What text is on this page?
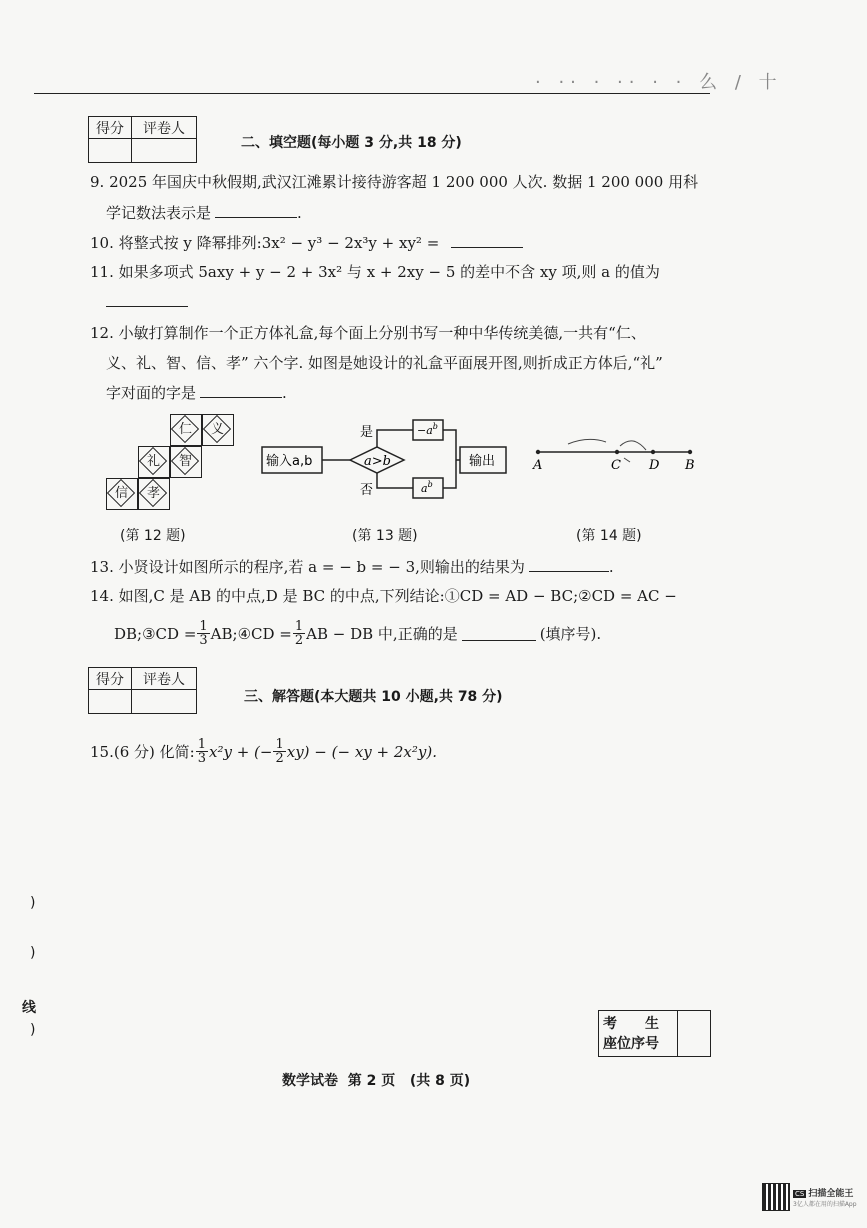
· ·· · ·· · · 么 / 十
得分	评卷人

二、填空题(每小题 3 分,共 18 分)
9. 2025 年国庆中秋假期,武汉江滩累计接待游客超 1 200 000 人次. 数据 1 200 000 用科
学记数法表示是	.
10. 将整式按 y 降幂排列:3x² − y³ − 2x³y + xy² =
11. 如果多项式 5axy + y − 2 + 3x² 与 x + 2xy − 5 的差中不含 xy 项,则 a 的值为
12. 小敏打算制作一个正方体礼盒,每个面上分别书写一种中华传统美德,一共有“仁、
义、礼、智、信、孝” 六个字. 如图是她设计的礼盒平面展开图,则折成正方体后,“礼”
字对面的字是	.
仁	义
礼	智
信	孝
输入a,b	a>b
是
否
$-a^b$
$a^b$
输出	A	C D B
(第 12 题)	(第 13 题)	(第 14 题)
13. 小贤设计如图所示的程序,若 a = − b = − 3,则输出的结果为	.
14. 如图,C 是 AB 的中点,D 是 BC 的中点,下列结论:①CD = AD − BC;②CD = AC −
DB;③CD = $\frac{1}{3}$ AB;④CD = $\frac{1}{2}$ AB − DB 中,正确的是	(填序号).
得分	评卷人

三、解答题(本大题共 10 小题,共 78 分)
15.(6 分) 化简: $\frac{1}{3} x^2y$ + (− $\frac{1}{2} xy$) − (− xy + 2x²y).
考　　生
座位序号

数学试卷  第 2 页   (共 8 页)
)
)
线
)
CS 扫描全能王
3亿人都在用的扫描App
